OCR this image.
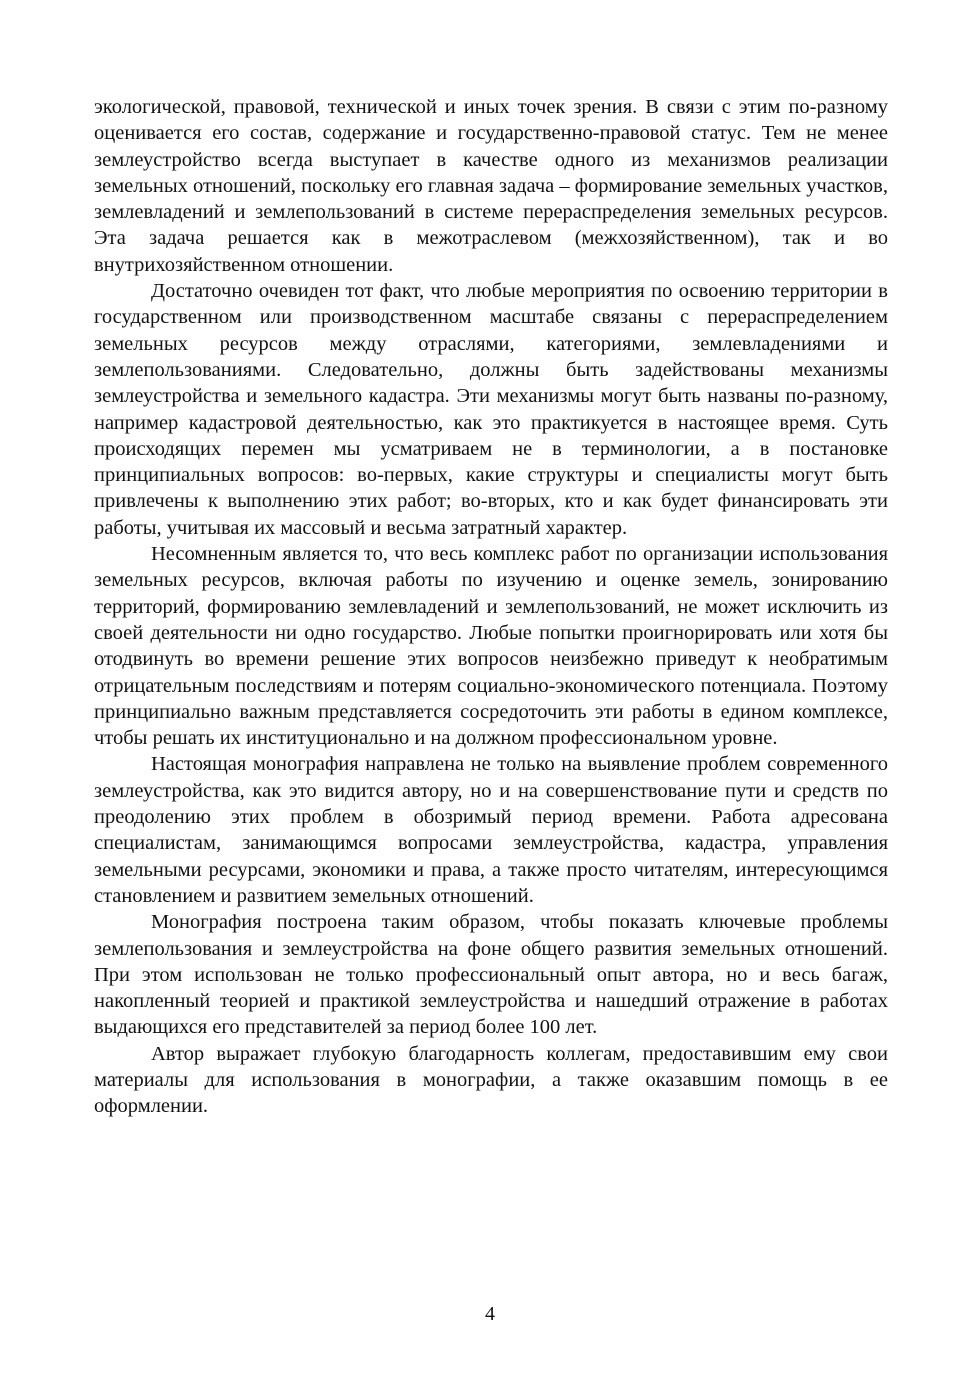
экологической, правовой, технической и иных точек зрения. В связи с этим по-разному оценивается его состав, содержание и государственно-правовой статус. Тем не менее землеустройство всегда выступает в качестве одного из механизмов реализации земельных отношений, поскольку его главная задача – формирование земельных участков, землевладений и землепользований в системе перераспределения земельных ресурсов. Эта задача решается как в межотраслевом (межхозяйственном), так и во внутрихозяйственном отношении.

Достаточно очевиден тот факт, что любые мероприятия по освоению территории в государственном или производственном масштабе связаны с перераспределением земельных ресурсов между отраслями, категориями, землевладениями и землепользованиями. Следовательно, должны быть задействованы механизмы землеустройства и земельного кадастра. Эти механизмы могут быть названы по-разному, например кадастровой деятельностью, как это практикуется в настоящее время. Суть происходящих перемен мы усматриваем не в терминологии, а в постановке принципиальных вопросов: во-первых, какие структуры и специалисты могут быть привлечены к выполнению этих работ; во-вторых, кто и как будет финансировать эти работы, учитывая их массовый и весьма затратный характер.

Несомненным является то, что весь комплекс работ по организации использования земельных ресурсов, включая работы по изучению и оценке земель, зонированию территорий, формированию землевладений и землепользований, не может исключить из своей деятельности ни одно государство. Любые попытки проигнорировать или хотя бы отодвинуть во времени решение этих вопросов неизбежно приведут к необратимым отрицательным последствиям и потерям социально-экономического потенциала. Поэтому принципиально важным представляется сосредоточить эти работы в едином комплексе, чтобы решать их институционально и на должном профессиональном уровне.

Настоящая монография направлена не только на выявление проблем современного землеустройства, как это видится автору, но и на совершенствование пути и средств по преодолению этих проблем в обозримый период времени. Работа адресована специалистам, занимающимся вопросами землеустройства, кадастра, управления земельными ресурсами, экономики и права, а также просто читателям, интересующимся становлением и развитием земельных отношений.

Монография построена таким образом, чтобы показать ключевые проблемы землепользования и землеустройства на фоне общего развития земельных отношений. При этом использован не только профессиональный опыт автора, но и весь багаж, накопленный теорией и практикой землеустройства и нашедший отражение в работах выдающихся его представителей за период более 100 лет.

Автор выражает глубокую благодарность коллегам, предоставившим ему свои материалы для использования в монографии, а также оказавшим помощь в ее оформлении.

4
